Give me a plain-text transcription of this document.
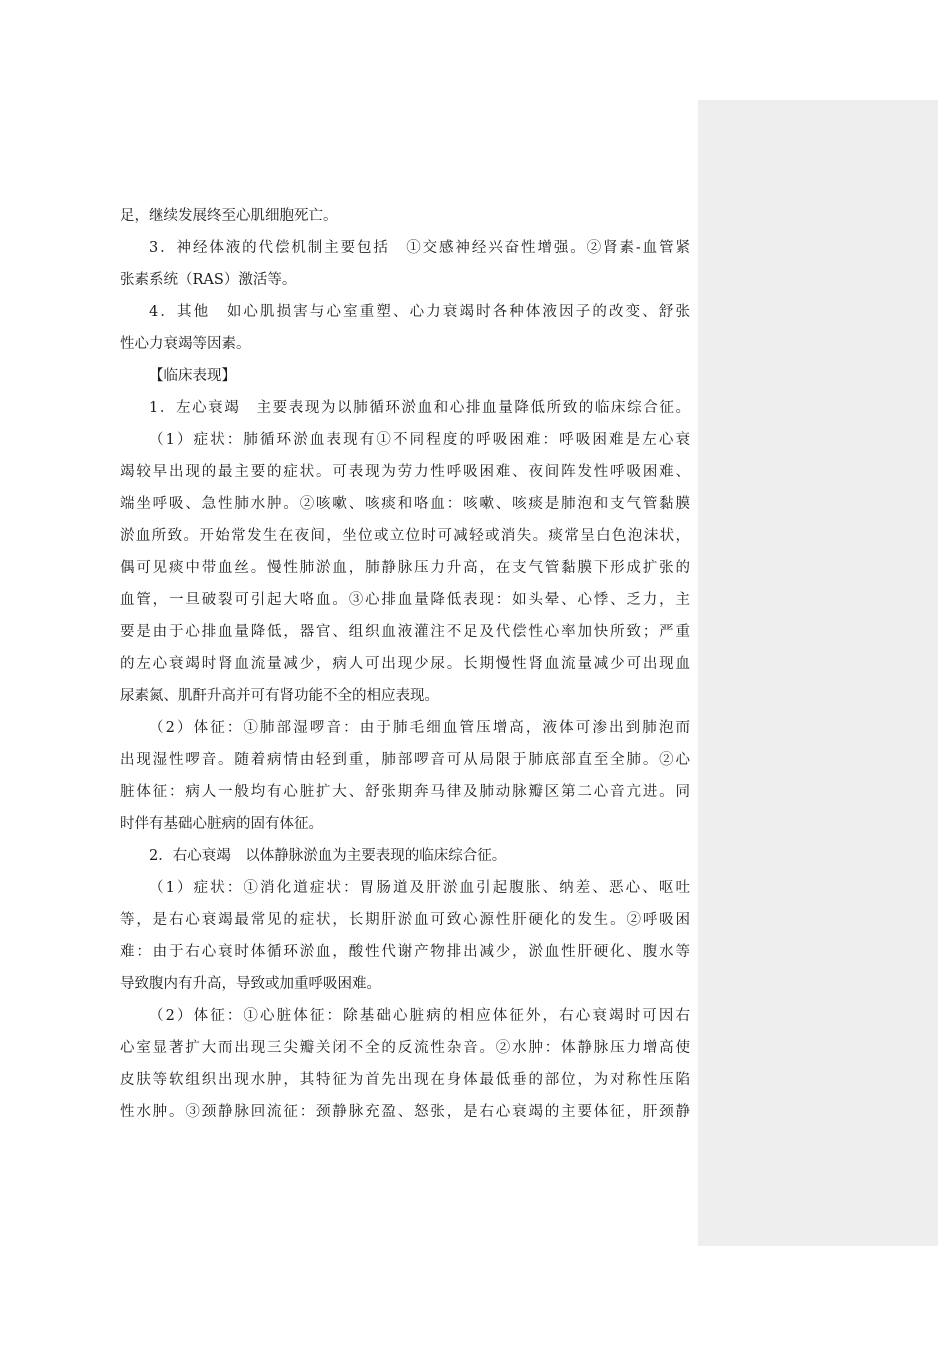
足，继续发展终至心肌细胞死亡。
3．神经体液的代偿机制主要包括　①交感神经兴奋性增强。②肾素-血管紧
张素系统（RAS）激活等。
4．其他　如心肌损害与心室重塑、心力衰竭时各种体液因子的改变、舒张
性心力衰竭等因素。
【临床表现】
1．左心衰竭　主要表现为以肺循环淤血和心排血量降低所致的临床综合征。
（1）症状：肺循环淤血表现有①不同程度的呼吸困难：呼吸困难是左心衰
竭较早出现的最主要的症状。可表现为劳力性呼吸困难、夜间阵发性呼吸困难、
端坐呼吸、急性肺水肿。②咳嗽、咳痰和咯血：咳嗽、咳痰是肺泡和支气管黏膜
淤血所致。开始常发生在夜间，坐位或立位时可减轻或消失。痰常呈白色泡沫状，
偶可见痰中带血丝。慢性肺淤血，肺静脉压力升高，在支气管黏膜下形成扩张的
血管，一旦破裂可引起大咯血。③心排血量降低表现：如头晕、心悸、乏力，主
要是由于心排血量降低，器官、组织血液灌注不足及代偿性心率加快所致；严重
的左心衰竭时肾血流量减少，病人可出现少尿。长期慢性肾血流量减少可出现血
尿素氮、肌酐升高并可有肾功能不全的相应表现。
（2）体征：①肺部湿啰音：由于肺毛细血管压增高，液体可渗出到肺泡而
出现湿性啰音。随着病情由轻到重，肺部啰音可从局限于肺底部直至全肺。②心
脏体征：病人一般均有心脏扩大、舒张期奔马律及肺动脉瓣区第二心音亢进。同
时伴有基础心脏病的固有体征。
2．右心衰竭　以体静脉淤血为主要表现的临床综合征。
（1）症状：①消化道症状：胃肠道及肝淤血引起腹胀、纳差、恶心、呕吐
等，是右心衰竭最常见的症状，长期肝淤血可致心源性肝硬化的发生。②呼吸困
难：由于右心衰时体循环淤血，酸性代谢产物排出减少，淤血性肝硬化、腹水等
导致腹内有升高，导致或加重呼吸困难。
（2）体征：①心脏体征：除基础心脏病的相应体征外，右心衰竭时可因右
心室显著扩大而出现三尖瓣关闭不全的反流性杂音。②水肿：体静脉压力增高使
皮肤等软组织出现水肿，其特征为首先出现在身体最低垂的部位，为对称性压陷
性水肿。③颈静脉回流征：颈静脉充盈、怒张，是右心衰竭的主要体征，肝颈静
